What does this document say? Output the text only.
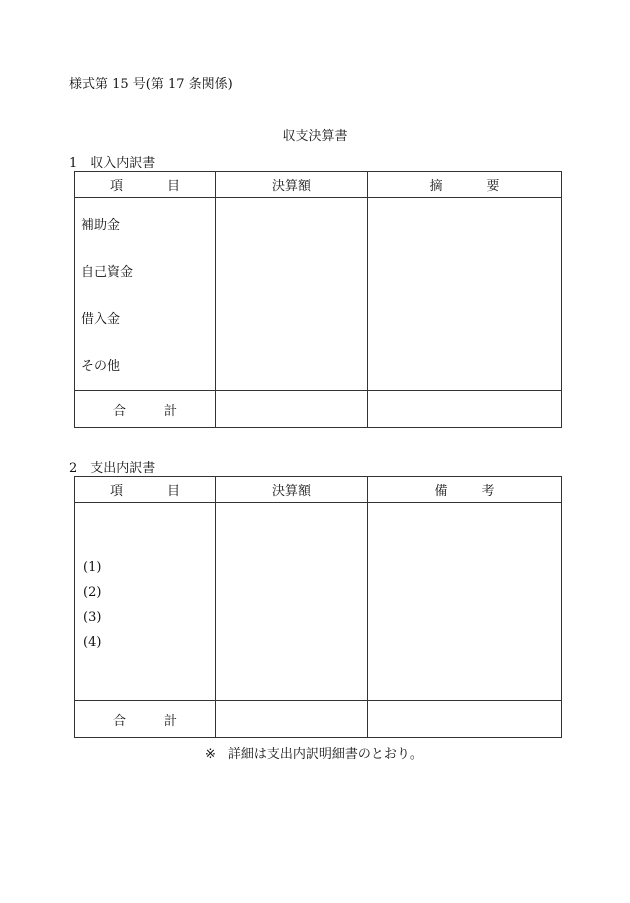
様式第 15 号(第 17 条関係)
収支決算書
1　収入内訳書
項 目	決算額	摘 要

補助金
自己資金
借入金
その他		

合 計		

2　支出内訳書
項 目	決算額	備 考

(1)
(2)
(3)
(4)		

合 計		

※ 詳細は支出内訳明細書のとおり。
